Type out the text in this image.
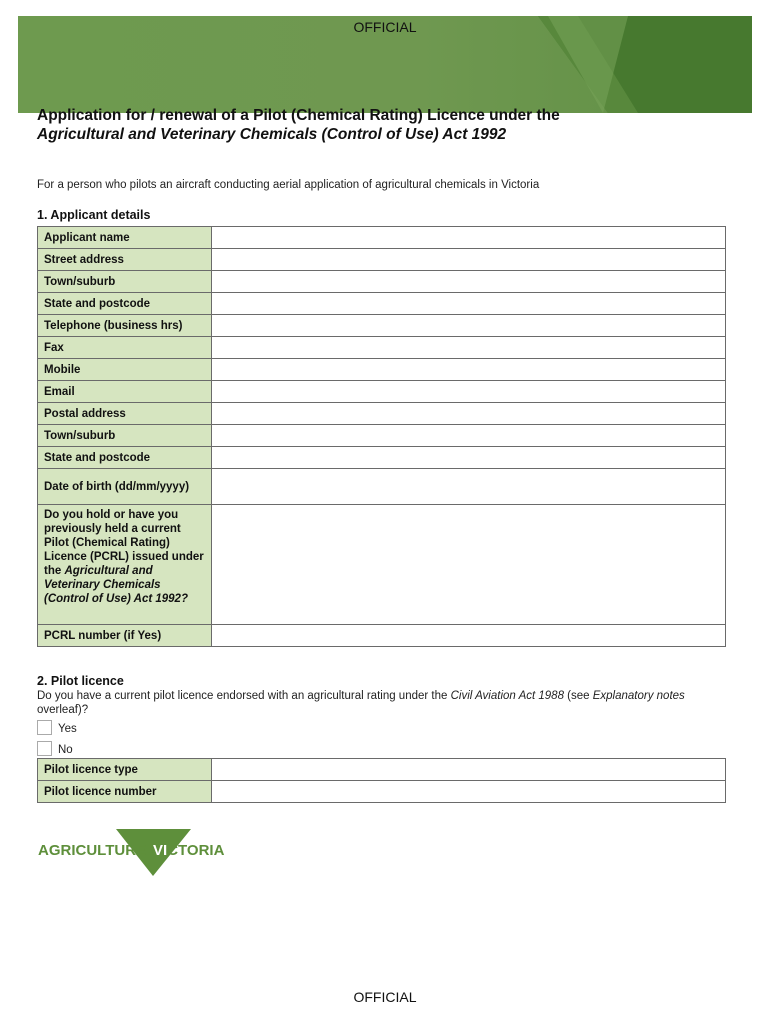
OFFICIAL
Application for / renewal of a Pilot (Chemical Rating) Licence under the
Agricultural and Veterinary Chemicals (Control of Use) Act 1992
For a person who pilots an aircraft conducting aerial application of agricultural chemicals in Victoria
1. Applicant details
Applicant name	
Street address	
Town/suburb	
State and postcode	
Telephone (business hrs)	
Fax	
Mobile	
Email	
Postal address	
Town/suburb	
State and postcode	
Date of birth (dd/mm/yyyy)	
Do you hold or have you previously held a current Pilot (Chemical Rating) Licence (PCRL) issued under the Agricultural and Veterinary Chemicals (Control of Use) Act 1992?	
PCRL number (if Yes)	
2. Pilot licence
Do you have a current pilot licence endorsed with an agricultural rating under the Civil Aviation Act 1988 (see Explanatory notes overleaf)?
Yes
No
Pilot licence type	
Pilot licence number	
AGRICULTURE VICTORIA
OFFICIAL
